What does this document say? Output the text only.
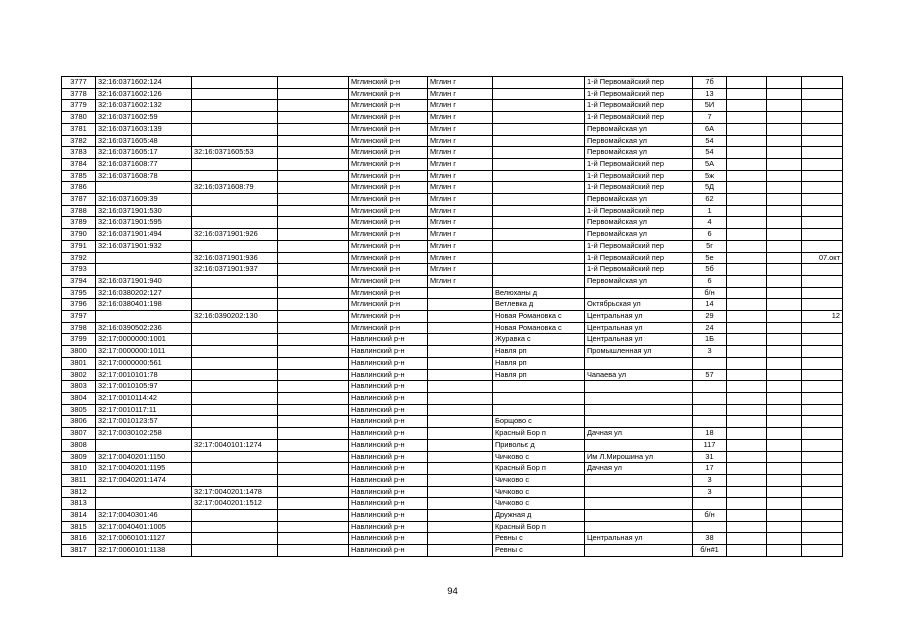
3777	32:16:0371602:124			Мглинский р-н	Мглин г		1-й Первомайский пер	7б			
3778	32:16:0371602:126			Мглинский р-н	Мглин г		1-й Первомайский пер	13			
3779	32:16:0371602:132			Мглинский р-н	Мглин г		1-й Первомайский пер	5И			
3780	32:16:0371602:59			Мглинский р-н	Мглин г		1-й Первомайский пер	7			
3781	32:16:0371603:139			Мглинский р-н	Мглин г		Первомайская ул	6А			
3782	32:16:0371605:48			Мглинский р-н	Мглин г		Первомайская ул	54			
3783	32:16:0371605:17	32:16:0371605:53		Мглинский р-н	Мглин г		Первомайская ул	54			
3784	32:16:0371608:77			Мглинский р-н	Мглин г		1-й Первомайский пер	5А			
3785	32:16:0371608:78			Мглинский р-н	Мглин г		1-й Первомайский пер	5ж			
3786		32:16:0371608:79		Мглинский р-н	Мглин г		1-й Первомайский пер	5Д			
3787	32:16:0371609:39			Мглинский р-н	Мглин г		Первомайская ул	62			
3788	32:16:0371901:530			Мглинский р-н	Мглин г		1-й Первомайский пер	1			
3789	32:16:0371901:595			Мглинский р-н	Мглин г		Первомайская ул	4			
3790	32:16:0371901:494	32:16:0371901:926		Мглинский р-н	Мглин г		Первомайская ул	6			
3791	32:16:0371901:932			Мглинский р-н	Мглин г		1-й Первомайский пер	5г			
3792		32:16:0371901:936		Мглинский р-н	Мглин г		1-й Первомайский пер	5е			07.окт
3793		32:16:0371901:937		Мглинский р-н	Мглин г		1-й Первомайский пер	5б			
3794	32:16:0371901:940			Мглинский р-н	Мглин г		Первомайская ул	6			
3795	32:16:0380202:127			Мглинский р-н		Велюханы д		б/н			
3796	32:16:0380401:198			Мглинский р-н		Ветлевка д	Октябрьская ул	14			
3797		32:16:0390202:130		Мглинский р-н		Новая Романовка с	Центральная ул	29			12
3798	32:16:0390502:236			Мглинский р-н		Новая Романовка с	Центральная ул	24			
3799	32:17:0000000:1001			Навлинский р-н		Журавка с	Центральная ул	1Б			
3800	32:17:0000000:1011			Навлинский р-н		Навля рп	Промышленная ул	3			
3801	32:17:0000000:561			Навлинский р-н		Навля рп					
3802	32:17:0010101:78			Навлинский р-н		Навля рп	Чапаева ул	57			
3803	32:17:0010105:97			Навлинский р-н							
3804	32:17:0010114:42			Навлинский р-н							
3805	32:17:0010117:11			Навлинский р-н							
3806	32:17:0010123:57			Навлинский р-н		Борщово с					
3807	32:17:0030102:258			Навлинский р-н		Красный Бор п	Дачная ул	18			
3808		32:17:0040101:1274		Навлинский р-н		Привольє д		117			
3809	32:17:0040201:1150			Навлинский р-н		Чичково с	Им Л.Мирошина ул	31			
3810	32:17:0040201:1195			Навлинский р-н		Красный Бор п	Дачная ул	17			
3811	32:17:0040201:1474			Навлинский р-н		Чичково с		3			
3812		32:17:0040201:1478		Навлинский р-н		Чичково с		3			
3813		32:17:0040201:1512		Навлинский р-н		Чичково с					
3814	32:17:0040301:46			Навлинский р-н		Дружная д		б/н			
3815	32:17:0040401:1005			Навлинский р-н		Красный Бор п					
3816	32:17:0060101:1127			Навлинский р-н		Ревны с	Центральная ул	38			
3817	32:17:0060101:1138			Навлинский р-н		Ревны с		б/н#1			
94
